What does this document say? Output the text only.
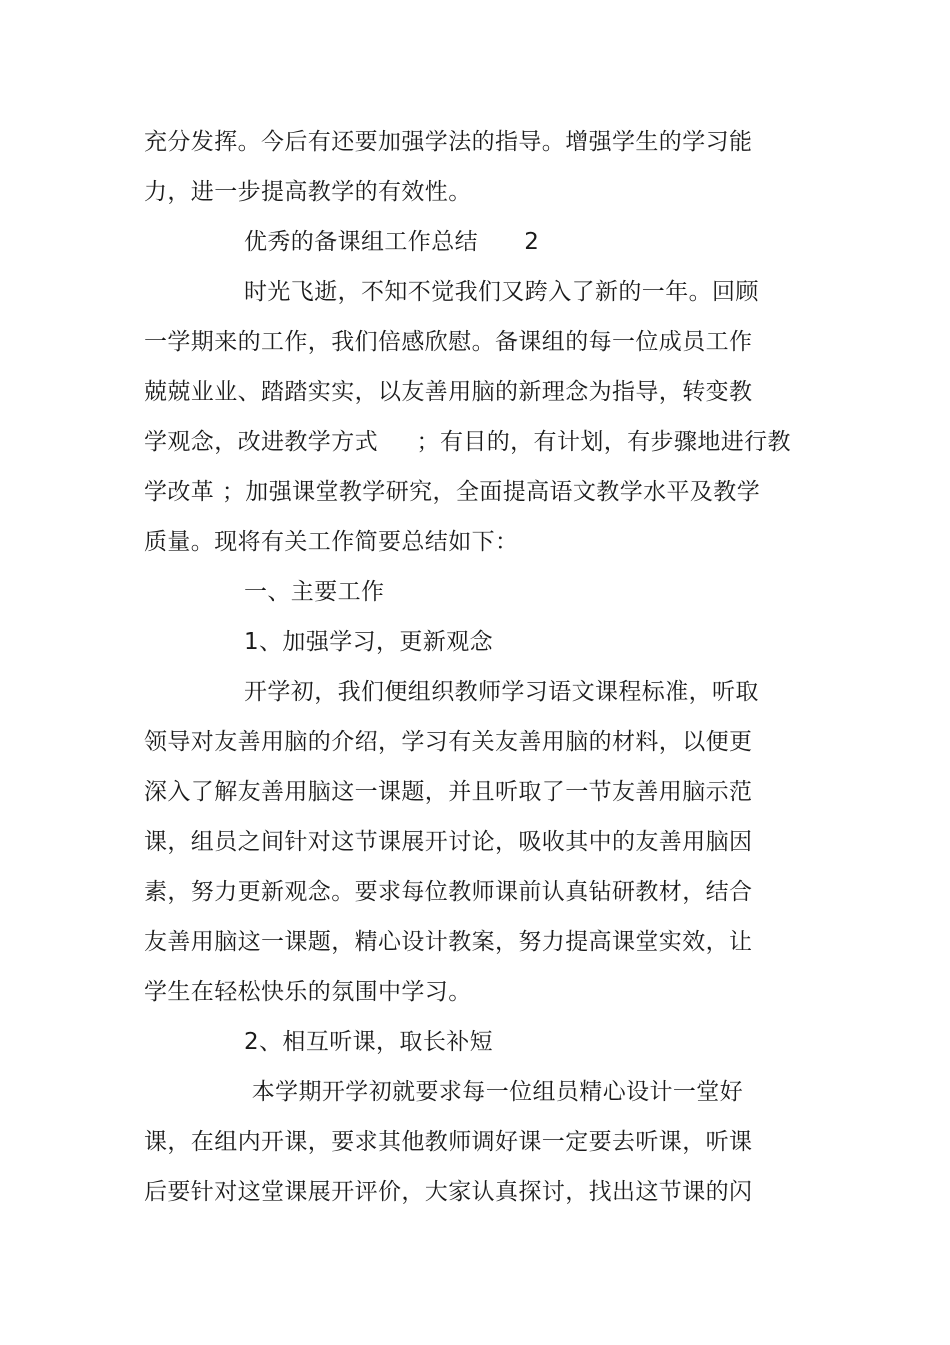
充分发挥。今后有还要加强学法的指导。增强学生的学习能
力，进一步提高教学的有效性。
优秀的备课组工作总结      2
时光飞逝，不知不觉我们又跨入了新的一年。回顾
一学期来的工作，我们倍感欣慰。备课组的每一位成员工作
兢兢业业、踏踏实实，以友善用脑的新理念为指导，转变教
学观念，改进教学方式     ；有目的，有计划，有步骤地进行教
学改革 ；加强课堂教学研究，全面提高语文教学水平及教学
质量。现将有关工作简要总结如下：
一、主要工作
1、加强学习，更新观念
开学初，我们便组织教师学习语文课程标准，听取
领导对友善用脑的介绍，学习有关友善用脑的材料，以便更
深入了解友善用脑这一课题，并且听取了一节友善用脑示范
课，组员之间针对这节课展开讨论，吸收其中的友善用脑因
素，努力更新观念。要求每位教师课前认真钻研教材，结合
友善用脑这一课题，精心设计教案，努力提高课堂实效，让
学生在轻松快乐的氛围中学习。
2、相互听课，取长补短
本学期开学初就要求每一位组员精心设计一堂好
课，在组内开课，要求其他教师调好课一定要去听课，听课
后要针对这堂课展开评价，大家认真探讨，找出这节课的闪
